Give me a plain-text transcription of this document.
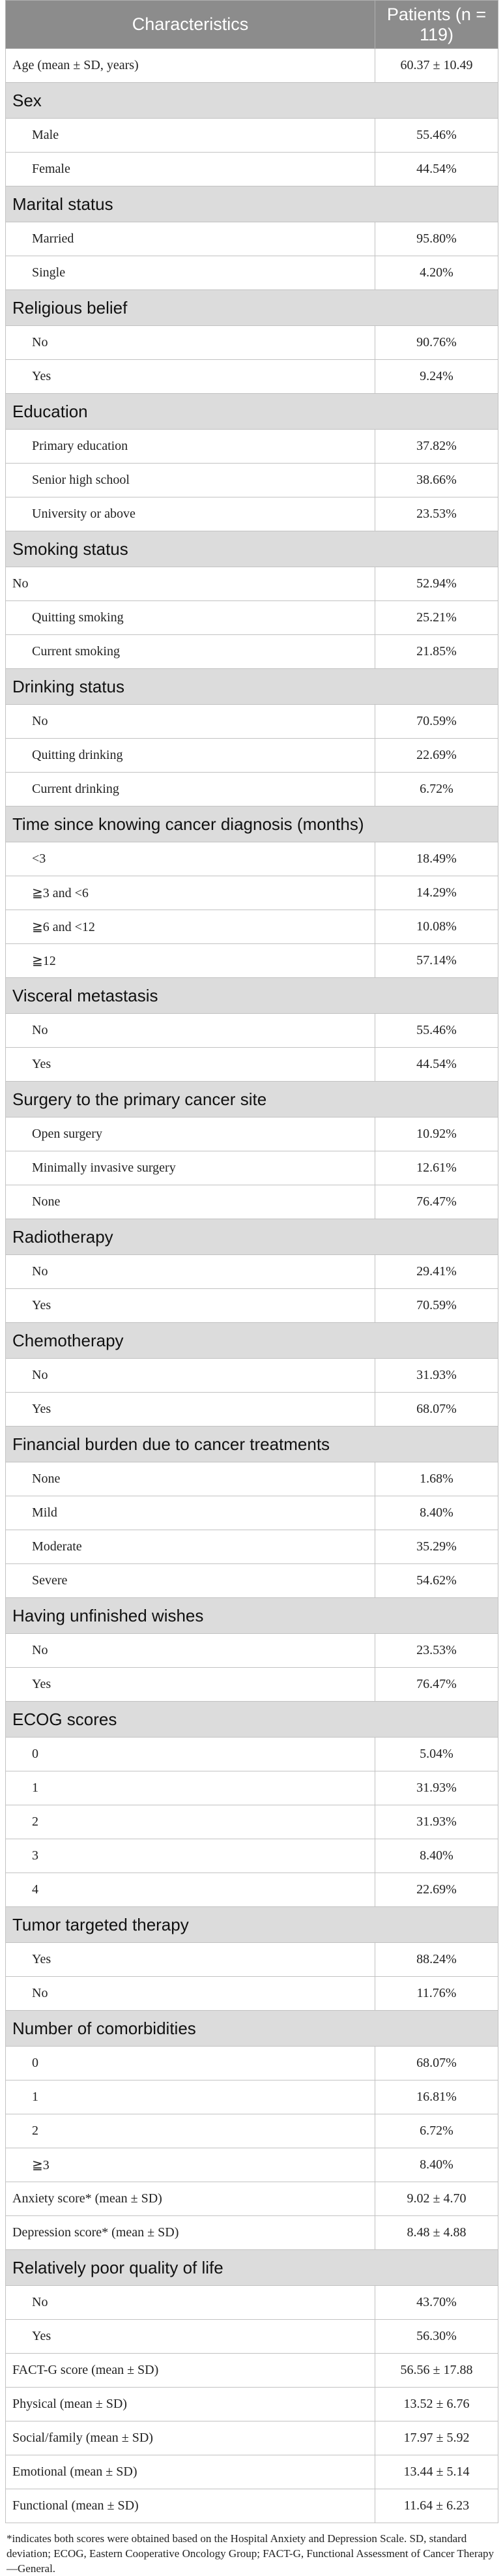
Characteristics	Patients (n = 119)
Age (mean ± SD, years)	60.37 ± 10.49
Sex	
Male	55.46%
Female	44.54%
Marital status	
Married	95.80%
Single	4.20%
Religious belief	
No	90.76%
Yes	9.24%
Education	
Primary education	37.82%
Senior high school	38.66%
University or above	23.53%
Smoking status	
No	52.94%
Quitting smoking	25.21%
Current smoking	21.85%
Drinking status	
No	70.59%
Quitting drinking	22.69%
Current drinking	6.72%
Time since knowing cancer diagnosis (months)	
<3	18.49%
≧3 and <6	14.29%
≧6 and <12	10.08%
≧12	57.14%
Visceral metastasis	
No	55.46%
Yes	44.54%
Surgery to the primary cancer site	
Open surgery	10.92%
Minimally invasive surgery	12.61%
None	76.47%
Radiotherapy	
No	29.41%
Yes	70.59%
Chemotherapy	
No	31.93%
Yes	68.07%
Financial burden due to cancer treatments	
None	1.68%
Mild	8.40%
Moderate	35.29%
Severe	54.62%
Having unfinished wishes	
No	23.53%
Yes	76.47%
ECOG scores	
0	5.04%
1	31.93%
2	31.93%
3	8.40%
4	22.69%
Tumor targeted therapy	
Yes	88.24%
No	11.76%
Number of comorbidities	
0	68.07%
1	16.81%
2	6.72%
≧3	8.40%
Anxiety score* (mean ± SD)	9.02 ± 4.70
Depression score* (mean ± SD)	8.48 ± 4.88
Relatively poor quality of life	
No	43.70%
Yes	56.30%
FACT-G score (mean ± SD)	56.56 ± 17.88
Physical (mean ± SD)	13.52 ± 6.76
Social/family (mean ± SD)	17.97 ± 5.92
Emotional (mean ± SD)	13.44 ± 5.14
Functional (mean ± SD)	11.64 ± 6.23
*indicates both scores were obtained based on the Hospital Anxiety and Depression Scale. SD, standard deviation; ECOG, Eastern Cooperative Oncology Group; FACT-G, Functional Assessment of Cancer Therapy—General.
